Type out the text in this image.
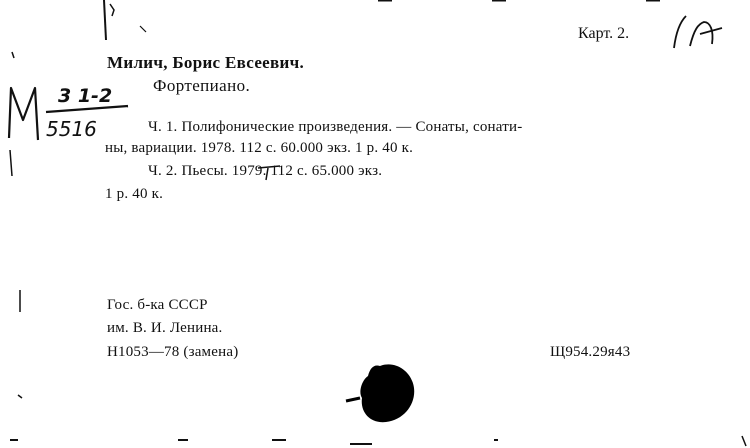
3 1-2
5516
Карт. 2.
Милич, Борис Евсеевич.
Фортепиано.
Ч. 1. Полифонические произведения. — Сонаты, сонати-
ны, вариации. 1978. 112 с. 60.000 экз. 1 р. 40 к.
Ч. 2. Пьесы. 1979. 112 с. 65.000 экз.
1 р. 40 к.
Гос. б-ка СССР
им. В. И. Ленина.
Н1053—78 (замена)	Щ954.29я43
